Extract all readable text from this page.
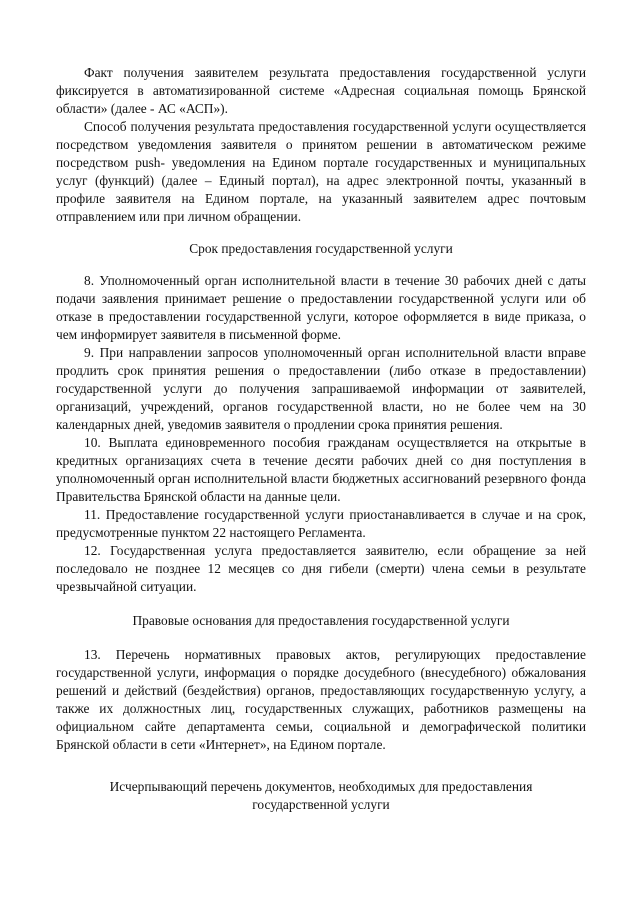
Факт получения заявителем результата предоставления государственной услуги фиксируется в автоматизированной системе «Адресная социальная помощь Брянской области» (далее - АС «АСП»).

Способ получения результата предоставления государственной услуги осуществляется посредством уведомления заявителя о принятом решении в автоматическом режиме посредством push- уведомления на Едином портале государственных и муниципальных услуг (функций) (далее – Единый портал), на адрес электронной почты, указанный в профиле заявителя на Едином портале, на указанный заявителем адрес почтовым отправлением или при личном обращении.

Срок предоставления государственной услуги

8. Уполномоченный орган исполнительной власти в течение 30 рабочих дней с даты подачи заявления принимает решение о предоставлении государственной услуги или об отказе в предоставлении государственной услуги, которое оформляется в виде приказа, о чем информирует заявителя в письменной форме.

9. При направлении запросов уполномоченный орган исполнительной власти вправе продлить срок принятия решения о предоставлении (либо отказе в предоставлении) государственной услуги до получения запрашиваемой информации от заявителей, организаций, учреждений, органов государственной власти, но не более чем на 30 календарных дней, уведомив заявителя о продлении срока принятия решения.

10. Выплата единовременного пособия гражданам осуществляется на открытые в кредитных организациях счета в течение десяти рабочих дней со дня поступления в уполномоченный орган исполнительной власти бюджетных ассигнований резервного фонда Правительства Брянской области на данные цели.

11. Предоставление государственной услуги приостанавливается в случае и на срок, предусмотренные пунктом 22 настоящего Регламента.

12. Государственная услуга предоставляется заявителю, если обращение за ней последовало не позднее 12 месяцев со дня гибели (смерти) члена семьи в результате чрезвычайной ситуации.

Правовые основания для предоставления государственной услуги

13. Перечень нормативных правовых актов, регулирующих предоставление государственной услуги, информация о порядке досудебного (внесудебного) обжалования решений и действий (бездействия) органов, предоставляющих государственную услугу, а также их должностных лиц, государственных служащих, работников размещены на официальном сайте департамента семьи, социальной и демографической политики Брянской области в сети «Интернет», на Едином портале.

Исчерпывающий перечень документов, необходимых для предоставления государственной услуги
